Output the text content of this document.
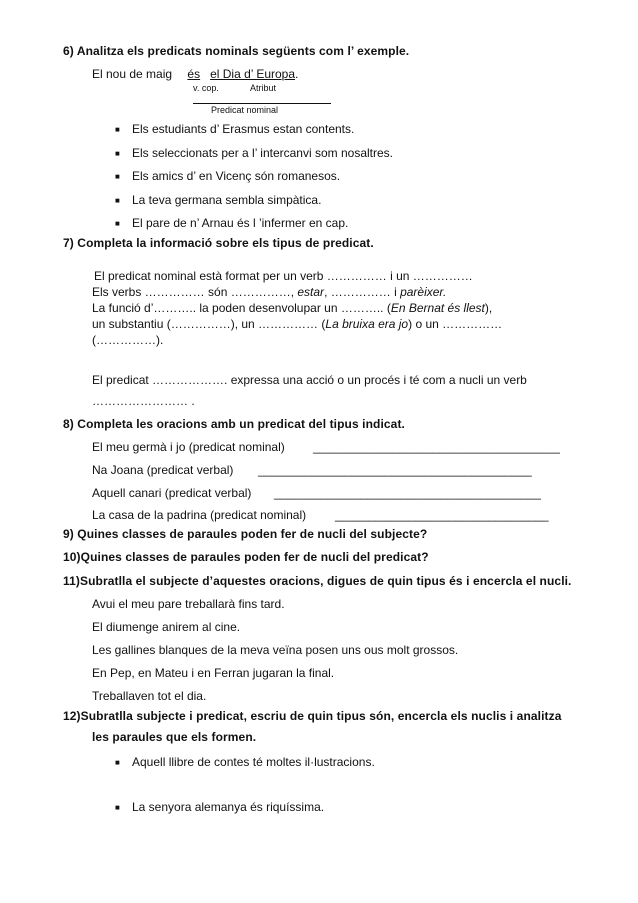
6) Analitza els predicats nominals següents com l’ exemple.
El nou de maig és el Dia d’ Europa.
v. cop.	Atribut
Predicat nominal
■ Els estudiants d’ Erasmus estan contents.
■ Els seleccionats per a l’ intercanvi som nosaltres.
■ Els amics d’ en Vicenç són romanesos.
■ La teva germana sembla simpàtica.
■ El pare de n’ Arnau és l ’infermer en cap.
7) Completa la informació sobre els tipus de predicat.
El predicat nominal està format per un verb …………… i un ……………
Els verbs …………… són ……………, estar, …………… i parèixer.
La funció d’……….. la poden desenvolupar un ……….. (En Bernat és llest),
un substantiu (……………), un …………… (La bruixa era jo) o un ……………
(……………).
El predicat ………………. expressa una acció o un procés i té com a nucli un verb
…………………… .
8) Completa les oracions amb un predicat del tipus indicat.
El meu germà i jo (predicat nominal) _____________________________________
Na Joana (predicat verbal) _________________________________________
Aquell canari (predicat verbal) ________________________________________
La casa de la padrina (predicat nominal) ________________________________
9) Quines classes de paraules poden fer de nucli del subjecte?
10)Quines classes de paraules poden fer de nucli del predicat?
11)Subratlla el subjecte d’aquestes oracions, digues de quin tipus és i encercla el nucli.
Avui el meu pare treballarà fins tard.
El diumenge anirem al cine.
Les gallines blanques de la meva veïna posen uns ous molt grossos.
En Pep, en Mateu i en Ferran jugaran la final.
Treballaven tot el dia.
12)Subratlla subjecte i predicat, escriu de quin tipus són, encercla els nuclis i analitza
les paraules que els formen.
■ Aquell llibre de contes té moltes il·lustracions.
■ La senyora alemanya és riquíssima.
